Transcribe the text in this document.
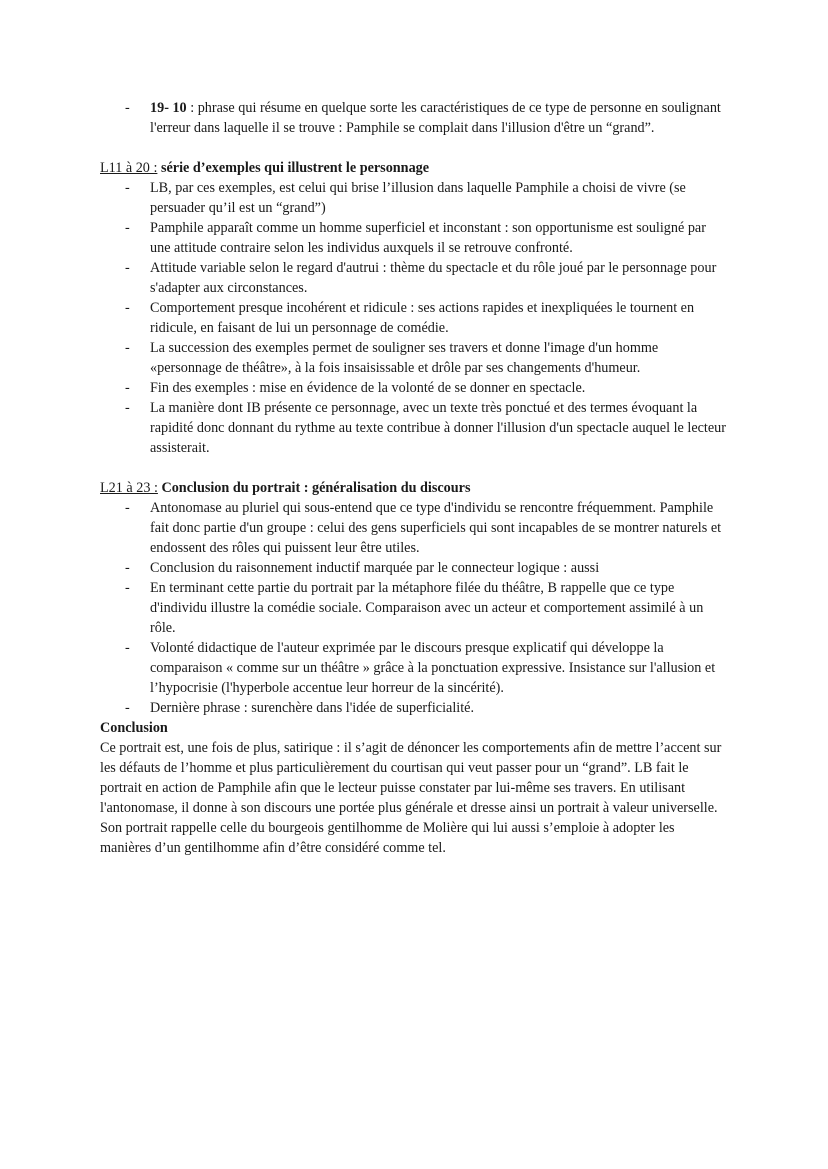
- 19- 10 : phrase qui résume en quelque sorte les caractéristiques de ce type de personne en soulignant l'erreur dans laquelle il se trouve : Pamphile se complait dans l'illusion d'être un “grand”.

L11 à 20 : série d’exemples qui illustrent le personnage

- LB, par ces exemples, est celui qui brise l’illusion dans laquelle Pamphile a choisi de vivre (se persuader qu’il est un “grand”)
- Pamphile apparaît comme un homme superficiel et inconstant : son opportunisme est souligné par une attitude contraire selon les individus auxquels il se retrouve confronté.
- Attitude variable selon le regard d'autrui : thème du spectacle et du rôle joué par le personnage pour s'adapter aux circonstances.
- Comportement presque incohérent et ridicule : ses actions rapides et inexpliquées le tournent en ridicule, en faisant de lui un personnage de comédie.
- La succession des exemples permet de souligner ses travers et donne l'image d'un homme «personnage de théâtre», à la fois insaisissable et drôle par ses changements d'humeur.
- Fin des exemples : mise en évidence de la volonté de se donner en spectacle.
- La manière dont IB présente ce personnage, avec un texte très ponctué et des termes évoquant la rapidité donc donnant du rythme au texte contribue à donner l'illusion d'un spectacle auquel le lecteur assisterait.

L21 à 23 : Conclusion du portrait : généralisation du discours

- Antonomase au pluriel qui sous-entend que ce type d'individu se rencontre fréquemment. Pamphile fait donc partie d'un groupe : celui des gens superficiels qui sont incapables de se montrer naturels et endossent des rôles qui puissent leur être utiles.
- Conclusion du raisonnement inductif marquée par le connecteur logique : aussi
- En terminant cette partie du portrait par la métaphore filée du théâtre, B rappelle que ce type d'individu illustre la comédie sociale. Comparaison avec un acteur et comportement assimilé à un rôle.
- Volonté didactique de l'auteur exprimée par le discours presque explicatif qui développe la comparaison « comme sur un théâtre » grâce à la ponctuation expressive. Insistance sur l'allusion et l’hypocrisie (l'hyperbole accentue leur horreur de la sincérité).
- Dernière phrase : surenchère dans l'idée de superficialité.

Conclusion

Ce portrait est, une fois de plus, satirique : il s’agit de dénoncer les comportements afin de mettre l’accent sur les défauts de l’homme et plus particulièrement du courtisan qui veut passer pour un “grand”. LB fait le portrait en action de Pamphile afin que le lecteur puisse constater par lui-même ses travers. En utilisant l'antonomase, il donne à son discours une portée plus générale et dresse ainsi un portrait à valeur universelle. Son portrait rappelle celle du bourgeois gentilhomme de Molière qui lui aussi s’emploie à adopter les manières d’un gentilhomme afin d’être considéré comme tel.
